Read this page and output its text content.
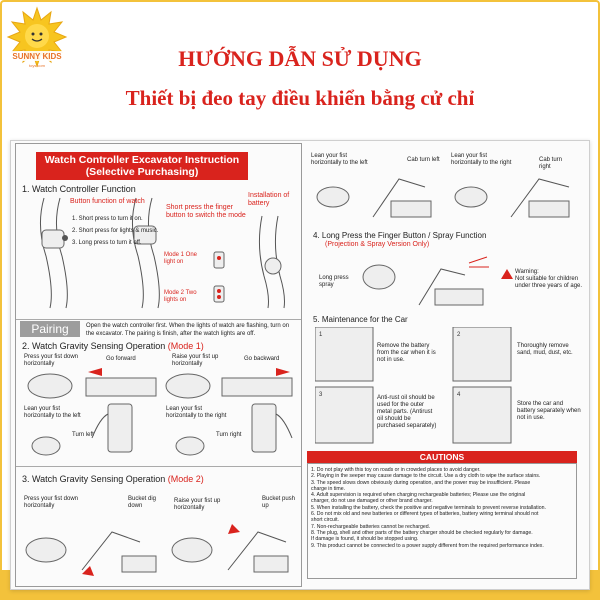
SUNNY KIDS
toys.com	HƯỚNG DẪN SỬ DỤNG
Thiết bị đeo tay điều khiển bằng cử chỉ
Watch Controller Excavator Instruction
(Selective Purchasing)
1. Watch Controller Function
Button function of watch
1. Short press to turn it on.
2. Short press for lights & music.
3. Long press to turn it off.
Short press the finger button to switch the mode
Mode 1 One light on
Mode 2 Two lights on
Installation of battery
Pairing	Open the watch controller first. When the lights of watch are flashing, turn on
the excavator. The pairing is finish, after the watch lights are off.
2. Watch Gravity Sensing Operation (Mode 1)
Press your fist down horizontally
Go forward	Raise your fist up horizontally
Go backward
Lean your fist horizontally to the left
Turn left
Lean your fist horizontally to the right
Turn right
3. Watch Gravity Sensing Operation (Mode 2)
Press your fist down horizontally
Bucket dig down
Raise your fist up horizontally
Bucket push up
Lean your fist horizontally to the left	Cab turn left
Lean your fist horizontally to the right	Cab turn right
4. Long Press the Finger Button / Spray Function
(Projection & Spray Version Only)
Long press spray
Warning:
Not suitable for children
under three years of age.
5. Maintenance for the Car
1	2
3	4
Remove the battery from the car when it is not in use.
Thoroughly remove sand, mud, dust, etc.
Anti-rust oil should be used for the outer metal parts. (Antirust oil should be purchased separately)
Store the car and battery separately when not in use.
CAUTIONS
1. Do not play with this toy on roads or in crowded places to avoid danger.
2. Playing in the seeper may cause damage to the circuit. Use a dry cloth to wipe the surface stains.
3. The speed slows down obviously during operation, and the power may be insufficient. Please
charge in time.
4. Adult supervision is required when charging rechargeable batteries; Please use the original
charger, do not use damaged or other brand charger.
5. When installing the battery, check the positive and negative terminals to prevent reverse installation.
6. Do not mix old and new batteries or different types of batteries, battery wiring terminal should not
short circuit.
7. Non-rechargeable batteries cannot be recharged.
8. The plug, shell and other parts of the battery charger should be checked regularly for damage.
If damage is found, it should be stopped using.
9. This product cannot be connected to a power supply different from the required performance index.
